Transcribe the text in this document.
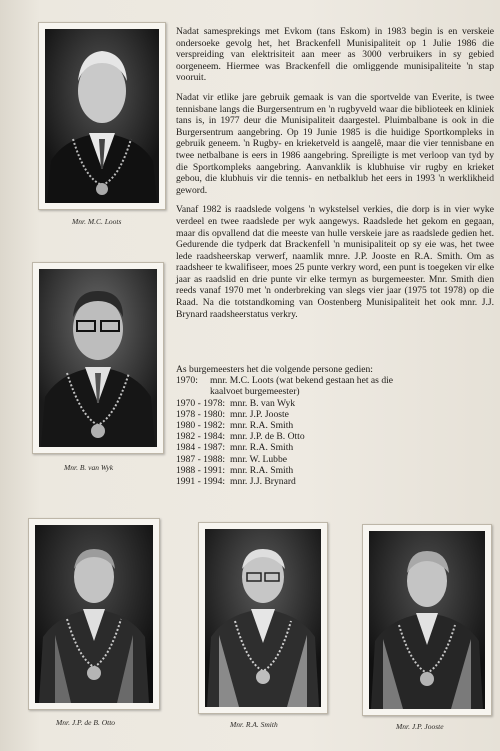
Mnr. M.C. Loots
Mnr. B. van Wyk

Nadat samesprekings met Evkom (tans Eskom) in 1983 begin is en verskeie ondersoeke gevolg het, het Brackenfell Munisipaliteit op 1 Julie 1986 die verspreiding van elektrisiteit aan meer as 3000 verbruikers in sy gebied oorgeneem. Hiermee was Brackenfell die omliggende munisipaliteite 'n stap vooruit.

Nadat vir etlike jare gebruik gemaak is van die sportvelde van Everite, is twee tennisbane langs die Burgersentrum en 'n rugbyveld waar die biblioteek en kliniek tans is, in 1977 deur die Munisipaliteit daargestel. Pluimbalbane is ook in die Burgersentrum aangebring. Op 19 Junie 1985 is die huidige Sportkompleks in gebruik geneem. 'n Rugby- en krieketveld is aangelê, maar die vier tennisbane en twee netbalbane is eers in 1986 aangebring. Spreiligte is met verloop van tyd by die Sportkompleks aangebring. Aanvanklik is klubhuise vir rugby en krieket gebou, die klubhuis vir die tennis- en netbalklub het eers in 1993 'n werklikheid geword.

Vanaf 1982 is raadslede volgens 'n wykstelsel verkies, die dorp is in vier wyke verdeel en twee raadslede per wyk aangewys. Raadslede het gekom en gegaan, maar dis opvallend dat die meeste van hulle verskeie jare as raadslede gedien het. Gedurende die tydperk dat Brackenfell 'n munisipaliteit op sy eie was, het twee lede raadsheerskap verwerf, naamlik mnre. J.P. Jooste en R.A. Smith. Om as raadsheer te kwalifiseer, moes 25 punte verkry word, een punt is toegeken vir elke jaar as raadslid en drie punte vir elke termyn as burgemeester. Mnr. Smith dien reeds vanaf 1970 met 'n onderbreking van slegs vier jaar (1975 tot 1978) op die Raad. Na die totstandkoming van Oostenberg Munisipaliteit het ook mnr. J.J. Brynard raadsheerstatus verkry.

As burgemeesters het die volgende persone gedien:

1970:	mnr. M.C. Loots (wat bekend gestaan het as die
kaalvoet burgemeester)
1970 - 1978: mnr. B. van Wyk
1978 - 1980: mnr. J.P. Jooste
1980 - 1982: mnr. R.A. Smith
1982 - 1984: mnr. J.P. de B. Otto
1984 - 1987: mnr. R.A. Smith
1987 - 1988: mnr. W. Lubbe
1988 - 1991: mnr. R.A. Smith
1991 - 1994: mnr. J.J. Brynard
Mnr. J.P. de B. Otto	Mnr. R.A. Smith	Mnr. J.P. Jooste
